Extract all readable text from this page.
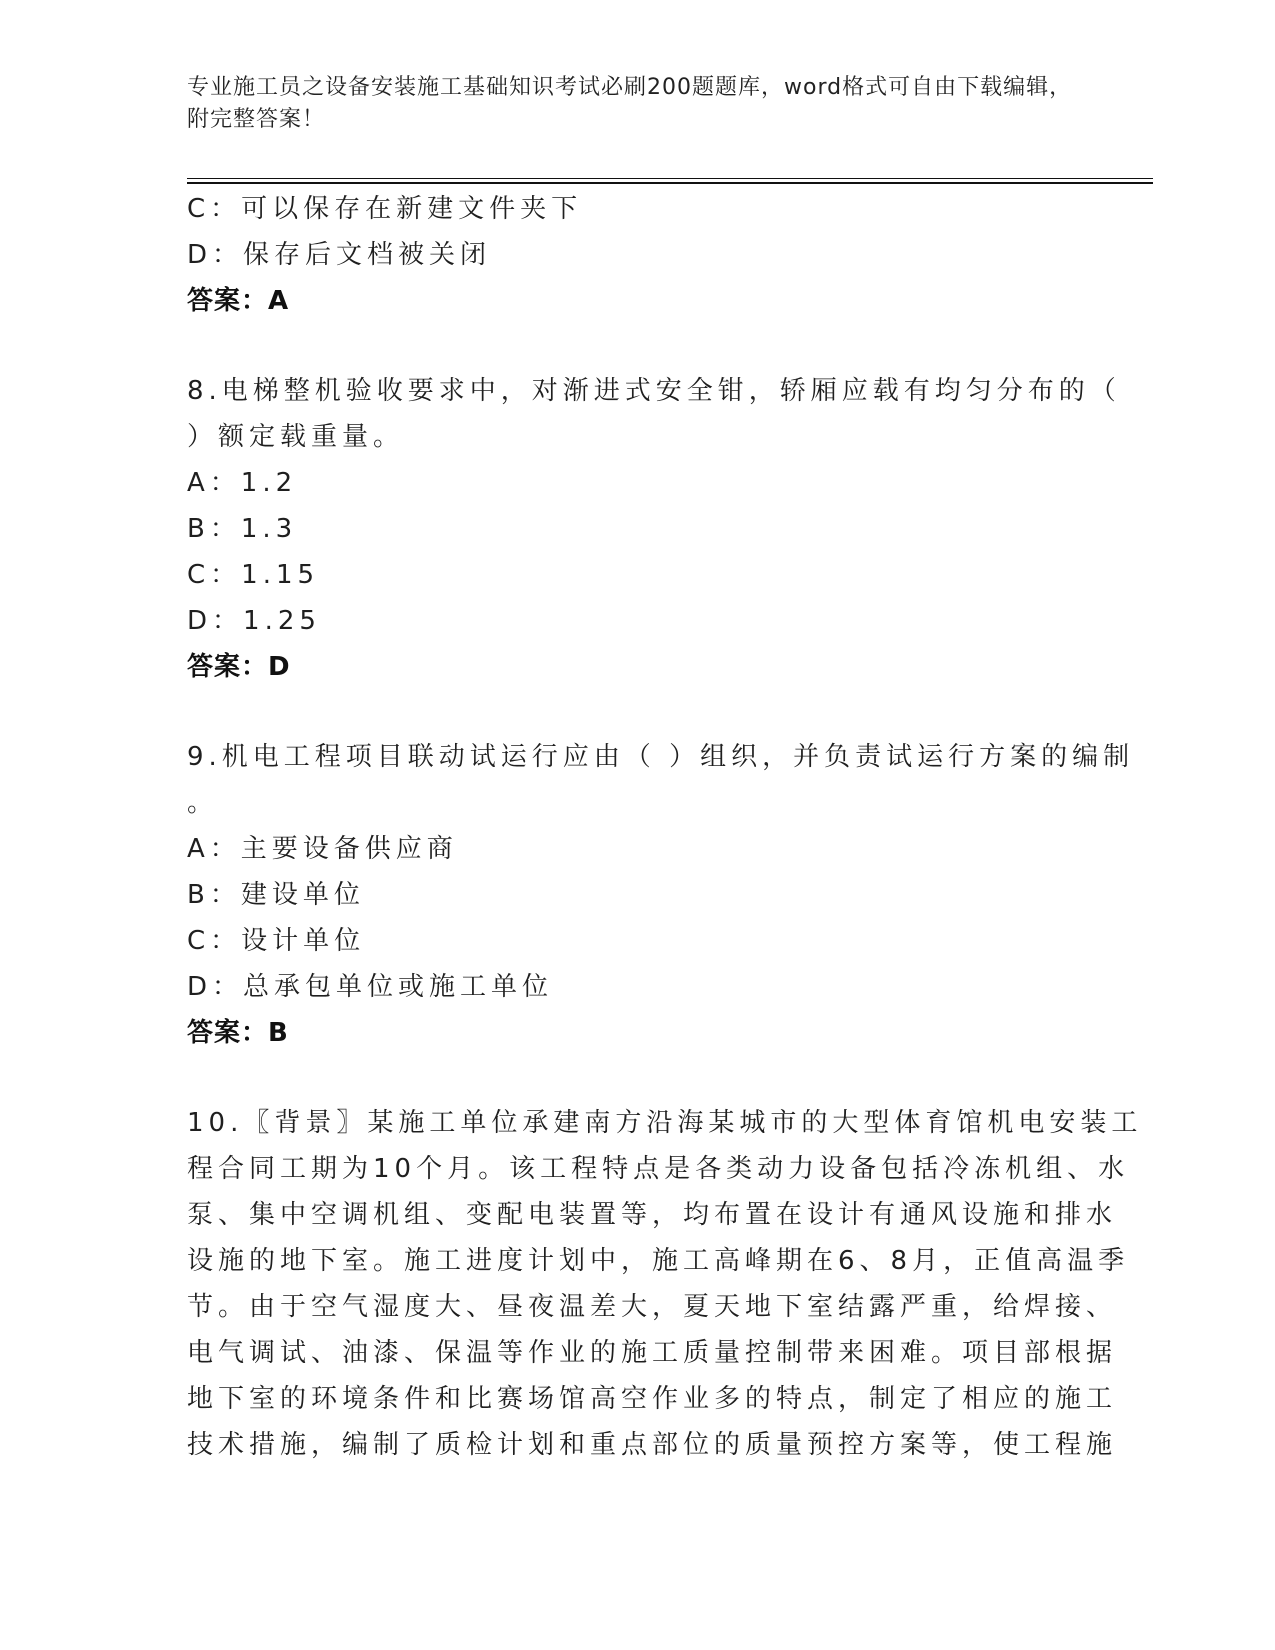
专业施工员之设备安装施工基础知识考试必刷200题题库，word格式可自由下载编辑，附完整答案！
C：可以保存在新建文件夹下
D：保存后文档被关闭
答案：A
8.电梯整机验收要求中，对渐进式安全钳，轿厢应载有均匀分布的（
）额定载重量。
A：1.2
B：1.3
C：1.15
D：1.25
答案：D
9.机电工程项目联动试运行应由（ ）组织，并负责试运行方案的编制
。
A：主要设备供应商
B：建设单位
C：设计单位
D：总承包单位或施工单位
答案：B
10.〖背景〗某施工单位承建南方沿海某城市的大型体育馆机电安装工
程合同工期为10个月。该工程特点是各类动力设备包括冷冻机组、水
泵、集中空调机组、变配电装置等，均布置在设计有通风设施和排水
设施的地下室。施工进度计划中，施工高峰期在6、8月，正值高温季
节。由于空气湿度大、昼夜温差大，夏天地下室结露严重，给焊接、
电气调试、油漆、保温等作业的施工质量控制带来困难。项目部根据
地下室的环境条件和比赛场馆高空作业多的特点，制定了相应的施工
技术措施，编制了质检计划和重点部位的质量预控方案等，使工程施
